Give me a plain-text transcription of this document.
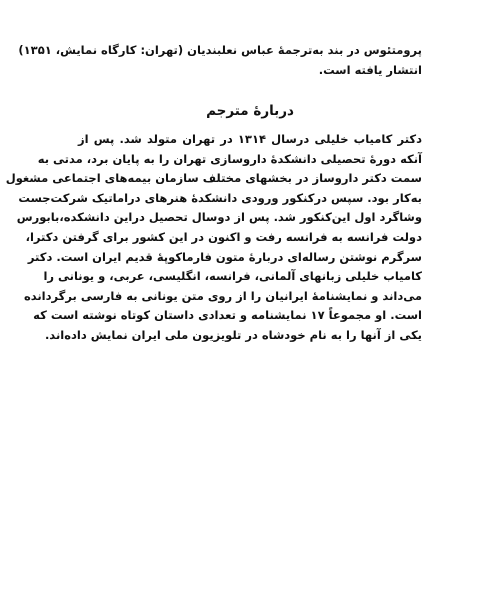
پرومتئوس در بند به‌ترجمهٔ عباس نعلبندیان (تهران: کارگاه نمایش، ۱۳۵۱)
انتشار یافته است.
دربارهٔ مترجم
دکتر کامیاب خلیلی درسال ۱۳۱۴ در تهران متولد شد. پس از
آنکه دورهٔ تحصیلی دانشکدهٔ داروسازی تهران را به پایان برد، مدتی به
سمت دکتر داروساز در بخشهای مختلف سازمان بیمه‌های اجتماعی مشغول
به‌کار بود. سپس درکنکور ورودی دانشکدهٔ هنرهای دراماتیک شرکت‌جست
وشاگرد اول این‌کنکور شد. پس از دوسال تحصیل دراین دانشکده،بابورس
دولت فرانسه به فرانسه رفت و اکنون در این کشور برای گرفتن دکترا،
سرگرم نوشتن رساله‌ای دربارهٔ متون فارماکوپهٔ قدیم ایران است. دکتر
کامیاب خلیلی زبانهای آلمانی، فرانسه، انگلیسی، عربی، و یونانی را
می‌داند و نمایشنامهٔ ایرانیان را از روی متن یونانی به فارسی برگردانده
است. او مجموعاً ۱۷ نمایشنامه و تعدادی داستان کوتاه نوشته است که
یکی از آنها را به نام خودشاه در تلویزیون ملی ایران نمایش داده‌اند.
